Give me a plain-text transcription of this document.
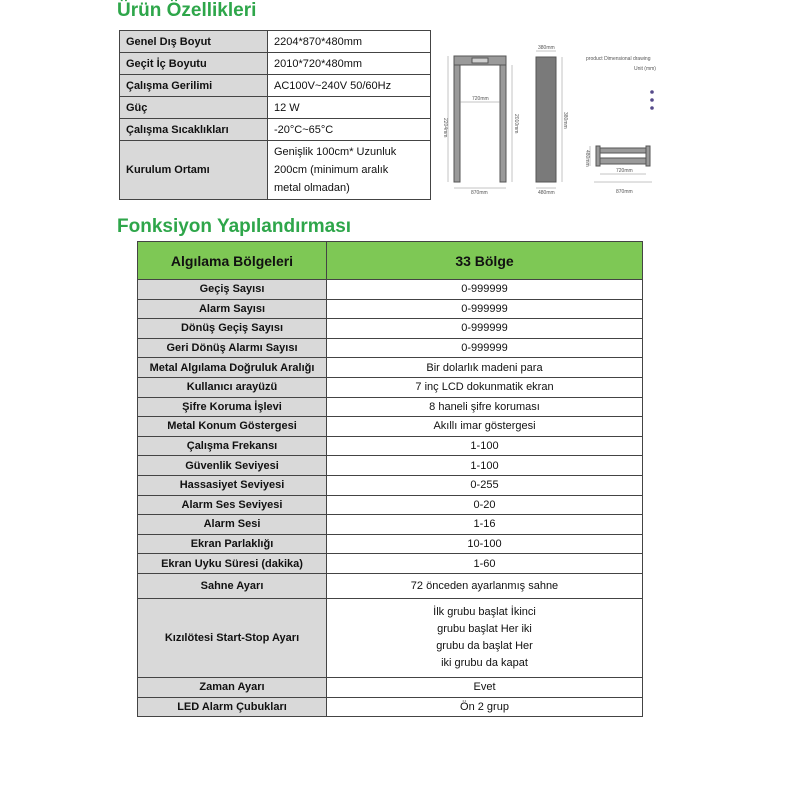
Ürün Özellikleri
Genel Dış Boyut	2204*870*480mm
Geçit İç Boyutu	2010*720*480mm
Çalışma Gerilimi	AC100V~240V 50/60Hz
Güç	12 W
Çalışma Sıcaklıkları	-20°C~65°C
Kurulum Ortamı	Genişlik 100cm* Uzunluk
200cm (minimum aralık
metal olmadan)
720mm
2204mm	2010mm
870mm
380mm
480mm
380mm
product Dimensional drawing
Unit (mm)
720mm
870mm
480mm
Fonksiyon Yapılandırması
Algılama Bölgeleri	33 Bölge
Geçiş Sayısı	0-999999
Alarm Sayısı	0-999999
Dönüş Geçiş Sayısı	0-999999
Geri Dönüş Alarmı Sayısı	0-999999
Metal Algılama Doğruluk Aralığı	Bir dolarlık madeni para
Kullanıcı arayüzü	7 inç LCD dokunmatik ekran
Şifre Koruma İşlevi	8 haneli şifre koruması
Metal Konum Göstergesi	Akıllı imar göstergesi
Çalışma Frekansı	1-100
Güvenlik Seviyesi	1-100
Hassasiyet Seviyesi	0-255
Alarm Ses Seviyesi	0-20
Alarm Sesi	1-16
Ekran Parlaklığı	10-100
Ekran Uyku Süresi (dakika)	1-60
Sahne Ayarı	72 önceden ayarlanmış sahne
Kızılötesi Start-Stop Ayarı	İlk grubu başlat İkinci
grubu başlat Her iki
grubu da başlat Her
iki grubu da kapat

Zaman Ayarı	Evet
LED Alarm Çubukları	Ön 2 grup
